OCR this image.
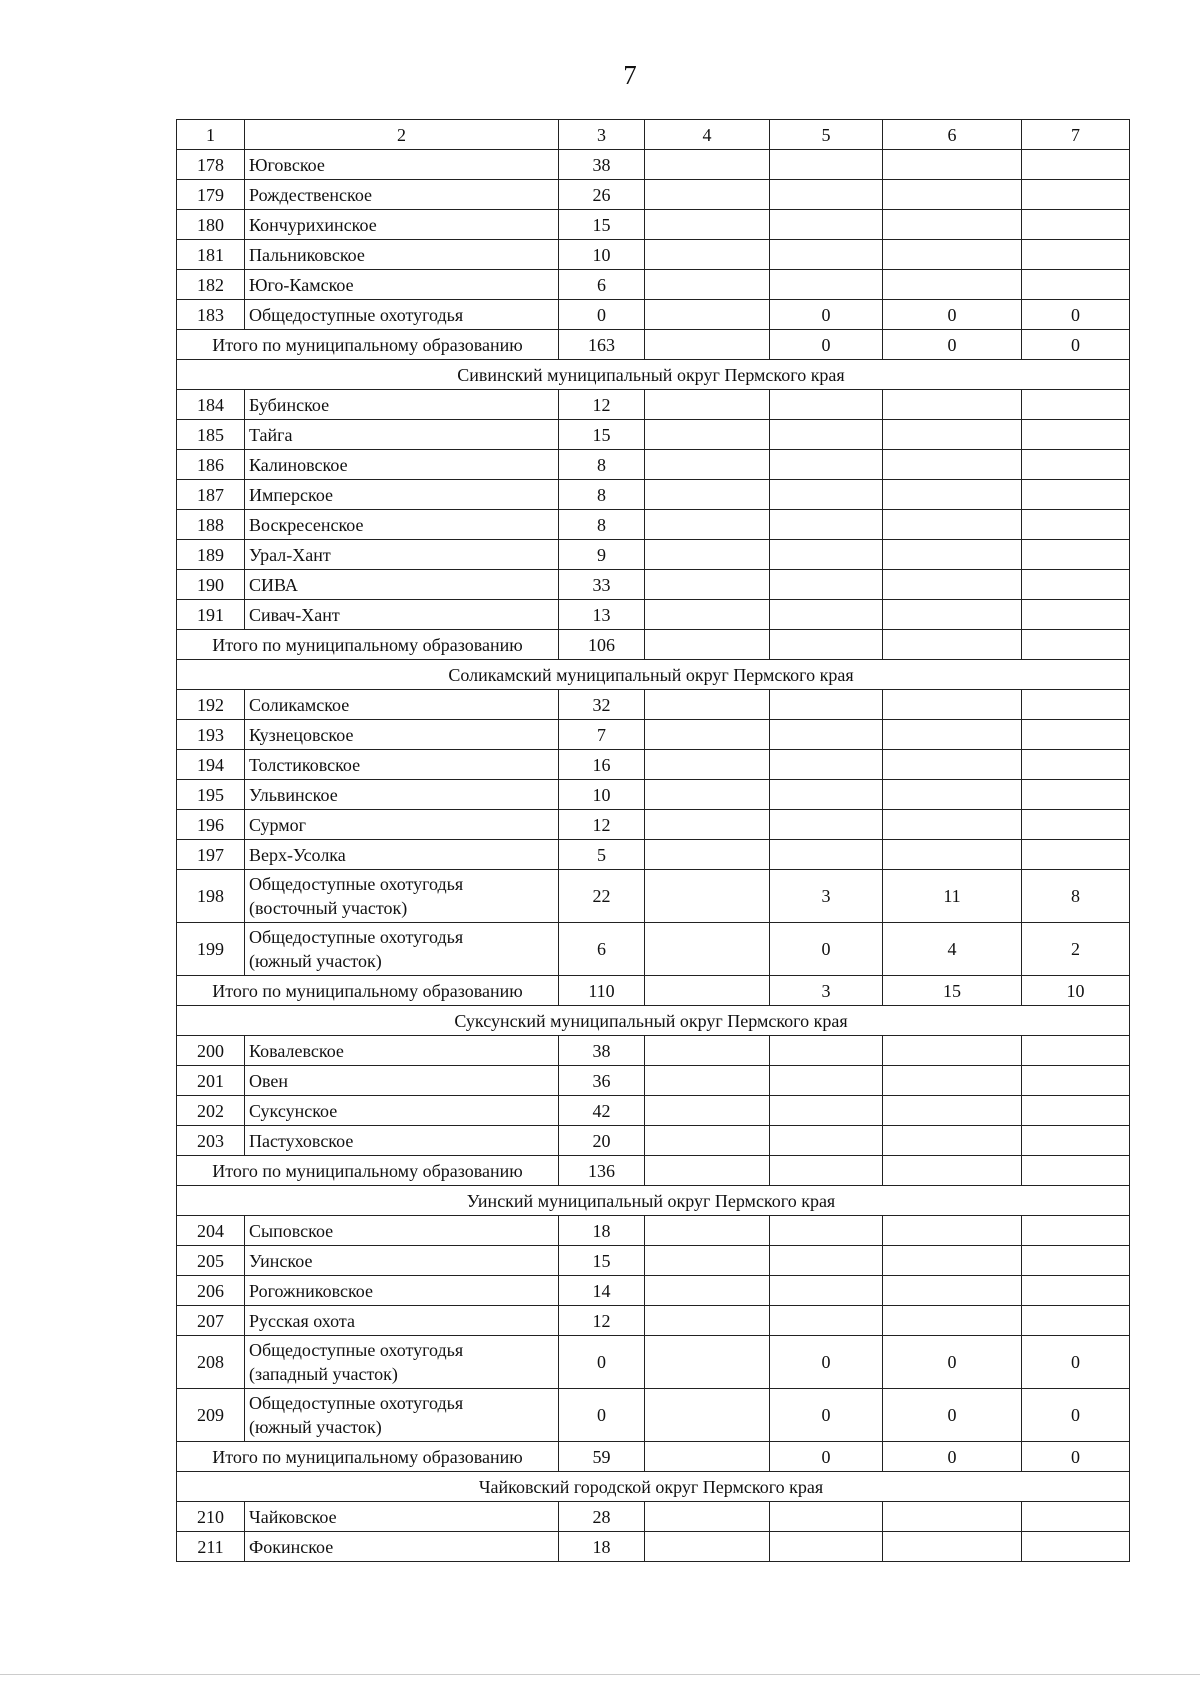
7
1	2	3	4	5	6	7
178	Юговское	38				
179	Рождественское	26				
180	Кончурихинское	15				
181	Пальниковское	10				
182	Юго-Камское	6				
183	Общедоступные охотугодья	0		0	0	0
Итого по муниципальному образованию		163		0	0	0
Сивинский муниципальный округ Пермского края						
184	Бубинское	12				
185	Тайга	15				
186	Калиновское	8				
187	Имперское	8				
188	Воскресенское	8				
189	Урал-Хант	9				
190	СИВА	33				
191	Сивач-Хант	13				
Итого по муниципальному образованию		106				
Соликамский муниципальный округ Пермского края						
192	Соликамское	32				
193	Кузнецовское	7				
194	Толстиковское	16				
195	Ульвинское	10				
196	Сурмог	12				
197	Верх-Усолка	5				
198	Общедоступные охотугодья
(восточный участок)	22		3	11	8
199	Общедоступные охотугодья
(южный участок)	6		0	4	2
Итого по муниципальному образованию		110		3	15	10
Суксунский муниципальный округ Пермского края						
200	Ковалевское	38				
201	Овен	36				
202	Суксунское	42				
203	Пастуховское	20				
Итого по муниципальному образованию		136				
Уинский муниципальный округ Пермского края						
204	Сыповское	18				
205	Уинское	15				
206	Рогожниковское	14				
207	Русская охота	12				
208	Общедоступные охотугодья
(западный участок)	0		0	0	0
209	Общедоступные охотугодья
(южный участок)	0		0	0	0
Итого по муниципальному образованию		59		0	0	0
Чайковский городской округ Пермского края						
210	Чайковское	28				
211	Фокинское	18				
